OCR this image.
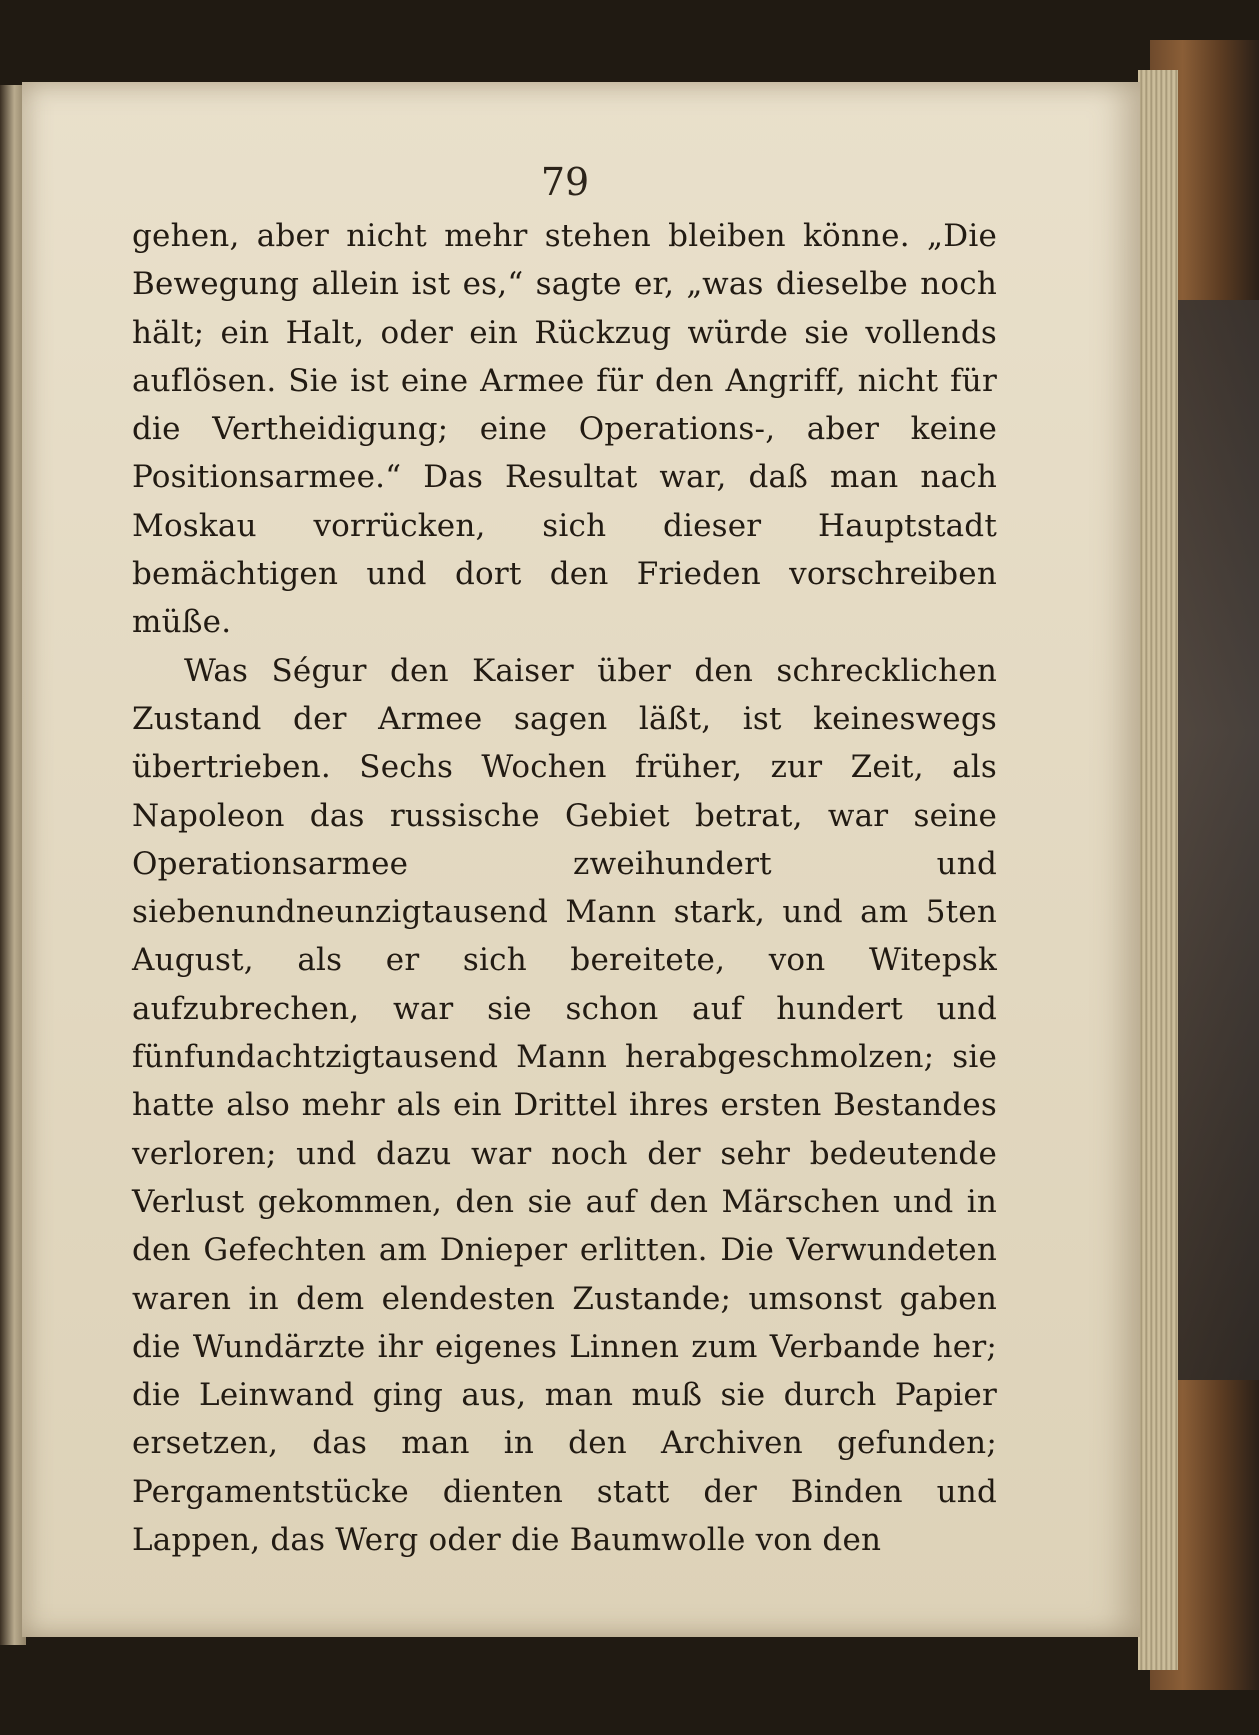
79

gehen, aber nicht mehr stehen bleiben könne. „Die Bewegung allein ist es,“ sagte er, „was dieselbe noch hält; ein Halt, oder ein Rückzug würde sie vollends auflösen. Sie ist eine Armee für den Angriff, nicht für die Vertheidigung; eine Operations-, aber keine Positionsarmee.“ Das Resultat war, daß man nach Moskau vorrücken, sich dieser Hauptstadt bemächtigen und dort den Frieden vorschreiben müße.

Was Ségur den Kaiser über den schrecklichen Zustand der Armee sagen läßt, ist keineswegs übertrieben. Sechs Wochen früher, zur Zeit, als Napoleon das russische Gebiet betrat, war seine Operationsarmee zweihundert und siebenundneunzigtausend Mann stark, und am 5ten August, als er sich bereitete, von Witepsk aufzubrechen, war sie schon auf hundert und fünfundachtzigtausend Mann herabgeschmolzen; sie hatte also mehr als ein Drittel ihres ersten Bestandes verloren; und dazu war noch der sehr bedeutende Verlust gekommen, den sie auf den Märschen und in den Gefechten am Dnieper erlitten. Die Verwundeten waren in dem elendesten Zustande; umsonst gaben die Wundärzte ihr eigenes Linnen zum Verbande her; die Leinwand ging aus, man muß sie durch Papier ersetzen, das man in den Archiven gefunden; Pergamentstücke dienten statt der Binden und Lappen, das Werg oder die Baumwolle von den
